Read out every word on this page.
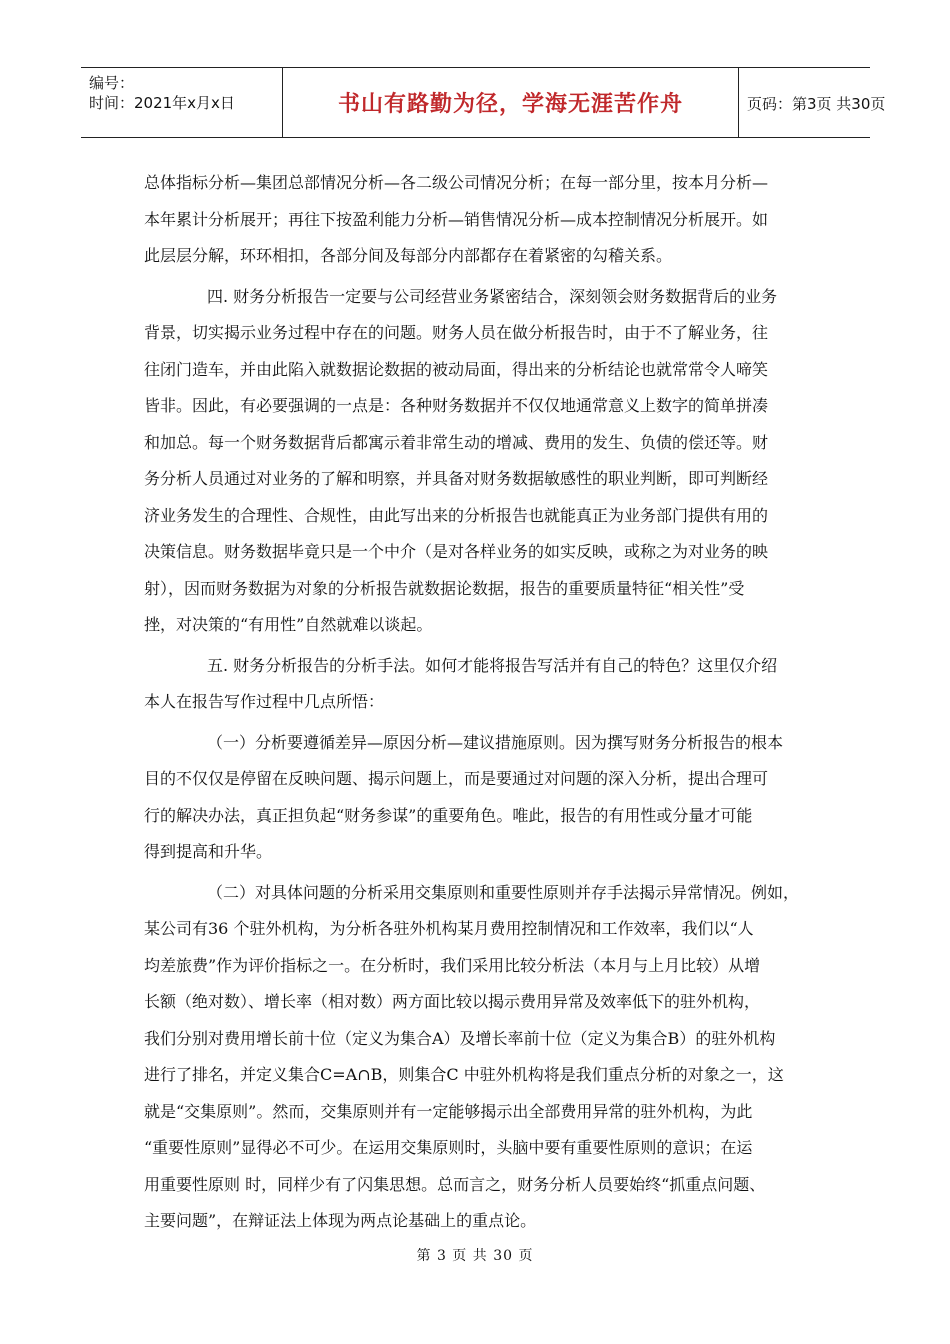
编号：
时间：2021年x月x日	书山有路勤为径，学海无涯苦作舟	页码：第3页 共30页
总体指标分析—集团总部情况分析—各二级公司情况分析；在每一部分里，按本月分析—
本年累计分析展开；再往下按盈利能力分析—销售情况分析—成本控制情况分析展开。如
此层层分解，环环相扣，各部分间及每部分内部都存在着紧密的勾稽关系。
四. 财务分析报告一定要与公司经营业务紧密结合，深刻领会财务数据背后的业务
背景，切实揭示业务过程中存在的问题。财务人员在做分析报告时，由于不了解业务，往
往闭门造车，并由此陷入就数据论数据的被动局面，得出来的分析结论也就常常令人啼笑
皆非。因此，有必要强调的一点是：各种财务数据并不仅仅地通常意义上数字的简单拼凑
和加总。每一个财务数据背后都寓示着非常生动的增减、费用的发生、负债的偿还等。财
务分析人员通过对业务的了解和明察，并具备对财务数据敏感性的职业判断，即可判断经
济业务发生的合理性、合规性，由此写出来的分析报告也就能真正为业务部门提供有用的
决策信息。财务数据毕竟只是一个中介（是对各样业务的如实反映，或称之为对业务的映
射），因而财务数据为对象的分析报告就数据论数据，报告的重要质量特征“相关性”受
挫，对决策的“有用性”自然就难以谈起。
五. 财务分析报告的分析手法。如何才能将报告写活并有自己的特色？这里仅介绍
本人在报告写作过程中几点所悟：
（一）分析要遵循差异—原因分析—建议措施原则。因为撰写财务分析报告的根本
目的不仅仅是停留在反映问题、揭示问题上，而是要通过对问题的深入分析，提出合理可
行的解决办法，真正担负起“财务参谋”的重要角色。唯此，报告的有用性或分量才可能
得到提高和升华。
（二）对具体问题的分析采用交集原则和重要性原则并存手法揭示异常情况。例如，
某公司有36 个驻外机构，为分析各驻外机构某月费用控制情况和工作效率，我们以“人
均差旅费”作为评价指标之一。在分析时，我们采用比较分析法（本月与上月比较）从增
长额（绝对数）、增长率（相对数）两方面比较以揭示费用异常及效率低下的驻外机构，
我们分别对费用增长前十位（定义为集合A）及增长率前十位（定义为集合B）的驻外机构
进行了排名，并定义集合C=A∩B，则集合C 中驻外机构将是我们重点分析的对象之一，这
就是“交集原则”。然而，交集原则并有一定能够揭示出全部费用异常的驻外机构，为此
“重要性原则”显得必不可少。在运用交集原则时，头脑中要有重要性原则的意识；在运
用重要性原则 时，同样少有了闪集思想。总而言之，财务分析人员要始终“抓重点问题、
主要问题”，在辩证法上体现为两点论基础上的重点论。
第 3 页 共 30 页
